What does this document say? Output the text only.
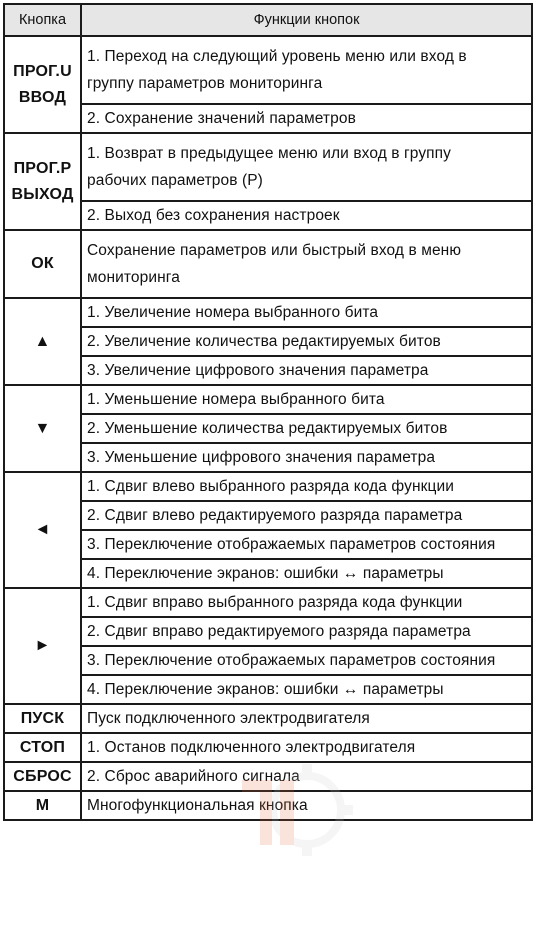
Кнопка	Функции кнопок

ПРОГ.U
ВВОД	1. Переход на следующий уровень меню или вход в
группу параметров мониторинга

	2. Сохранение значений параметров

ПРОГ.Р
ВЫХОД	1. Возврат в предыдущее меню или вход в группу
рабочих параметров (Р)

	2. Выход без сохранения настроек

ОК	Сохранение параметров или быстрый вход в меню
мониторинга

▲	1. Увеличение номера выбранного бита

	2. Увеличение количества редактируемых битов

	3. Увеличение цифрового значения параметра

▼	1. Уменьшение номера выбранного бита

	2. Уменьшение количества редактируемых битов

	3. Уменьшение цифрового значения параметра

◄	1. Сдвиг влево выбранного разряда кода функции

	2. Сдвиг влево редактируемого разряда параметра

	3. Переключение отображаемых параметров состояния

	4. Переключение экранов: ошибки ↔ параметры

►	1. Сдвиг вправо выбранного разряда кода функции

	2. Сдвиг вправо редактируемого разряда параметра

	3. Переключение отображаемых параметров состояния

	4. Переключение экранов: ошибки ↔ параметры

ПУСК	Пуск подключенного электродвигателя

СТОП	1. Останов подключенного электродвигателя

СБРОС	2. Сброс аварийного сигнала

М	Многофункциональная кнопка
